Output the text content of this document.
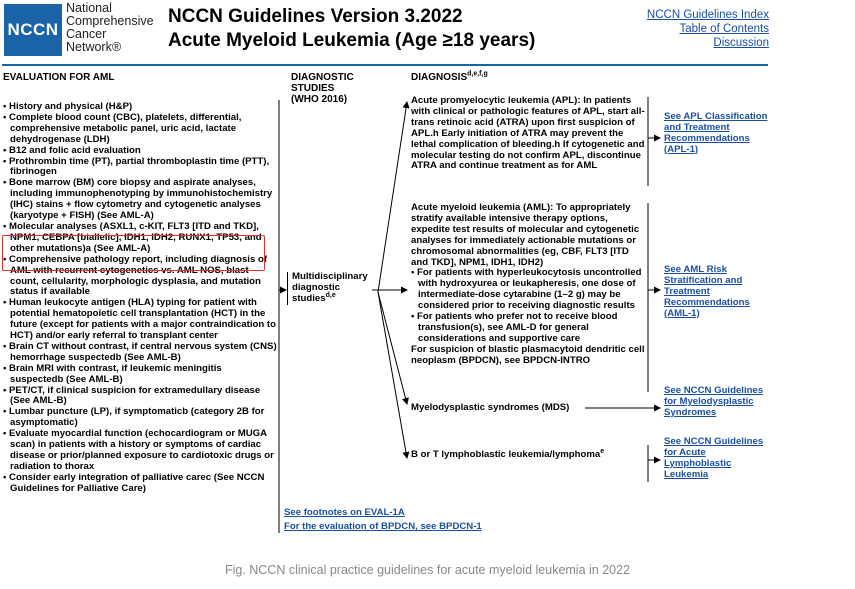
NCCN
National
Comprehensive
Cancer
Network®
NCCN Guidelines Version 3.2022
Acute Myeloid Leukemia (Age ≥18 years)
NCCN Guidelines Index
Table of Contents
Discussion
EVALUATION FOR AML	DIAGNOSTIC
STUDIES
(WHO 2016)
DIAGNOSIS$^{d,e,f,g}$

• History and physical (H&P)

• Complete blood count (CBC), platelets, differential, comprehensive metabolic panel, uric acid, lactate dehydrogenase (LDH)

• B12 and folic acid evaluation

• Prothrombin time (PT), partial thromboplastin time (PTT), fibrinogen

• Bone marrow (BM) core biopsy and aspirate analyses, including immunophenotyping by immunohistochemistry (IHC) stains + flow cytometry and cytogenetic analyses (karyotype + FISH) (See AML-A)

• Molecular analyses (ASXL1, c-KIT, FLT3 [ITD and TKD], NPM1, CEBPA [biallelic], IDH1, IDH2, RUNX1, TP53, and other mutations)a (See AML-A)

• Comprehensive pathology report, including diagnosis of AML with recurrent cytogenetics vs. AML NOS, blast count, cellularity, morphologic dysplasia, and mutation status if available

• Human leukocyte antigen (HLA) typing for patient with potential hematopoietic cell transplantation (HCT) in the future (except for patients with a major contraindication to HCT) and/or early referral to transplant center

• Brain CT without contrast, if central nervous system (CNS) hemorrhage suspectedb (See AML-B)

• Brain MRI with contrast, if leukemic meningitis suspectedb (See AML-B)

• PET/CT, if clinical suspicion for extramedullary disease (See AML-B)

• Lumbar puncture (LP), if symptomaticb (category 2B for asymptomatic)

• Evaluate myocardial function (echocardiogram or MUGA scan) in patients with a history or symptoms of cardiac disease or prior/planned exposure to cardiotoxic drugs or radiation to thorax

• Consider early integration of palliative carec (See NCCN Guidelines for Palliative Care)

Multidisciplinary diagnostic studies$^{d,e}$
Acute promyelocytic leukemia (APL): In patients with clinical or pathologic features of APL, start all-trans retinoic acid (ATRA) upon first suspicion of APL.h Early initiation of ATRA may prevent the lethal complication of bleeding.h If cytogenetic and molecular testing do not confirm APL, discontinue ATRA and continue treatment as for AML
Acute myeloid leukemia (AML): To appropriately stratify available intensive therapy options, expedite test results of molecular and cytogenetic analyses for immediately actionable mutations or chromosomal abnormalities (eg, CBF, FLT3 [ITD and TKD], NPM1, IDH1, IDH2)
• For patients with hyperleukocytosis uncontrolled with hydroxyurea or leukapheresis, one dose of intermediate-dose cytarabine (1–2 g) may be considered prior to receiving diagnostic results
• For patients who prefer not to receive blood transfusion(s), see AML-D for general considerations and supportive care
For suspicion of blastic plasmacytoid dendritic cell neoplasm (BPDCN), see BPDCN-INTRO
Myelodysplastic syndromes (MDS)
B or T lymphoblastic leukemia/lymphoma$^e$
See APL Classification and Treatment Recommendations (APL-1)
See AML Risk Stratification and Treatment Recommendations (AML-1)
See NCCN Guidelines for Myelodysplastic Syndromes
See NCCN Guidelines for Acute Lymphoblastic Leukemia
See footnotes on EVAL-1A
For the evaluation of BPDCN, see BPDCN-1
Fig. NCCN clinical practice guidelines for acute myeloid leukemia in 2022
